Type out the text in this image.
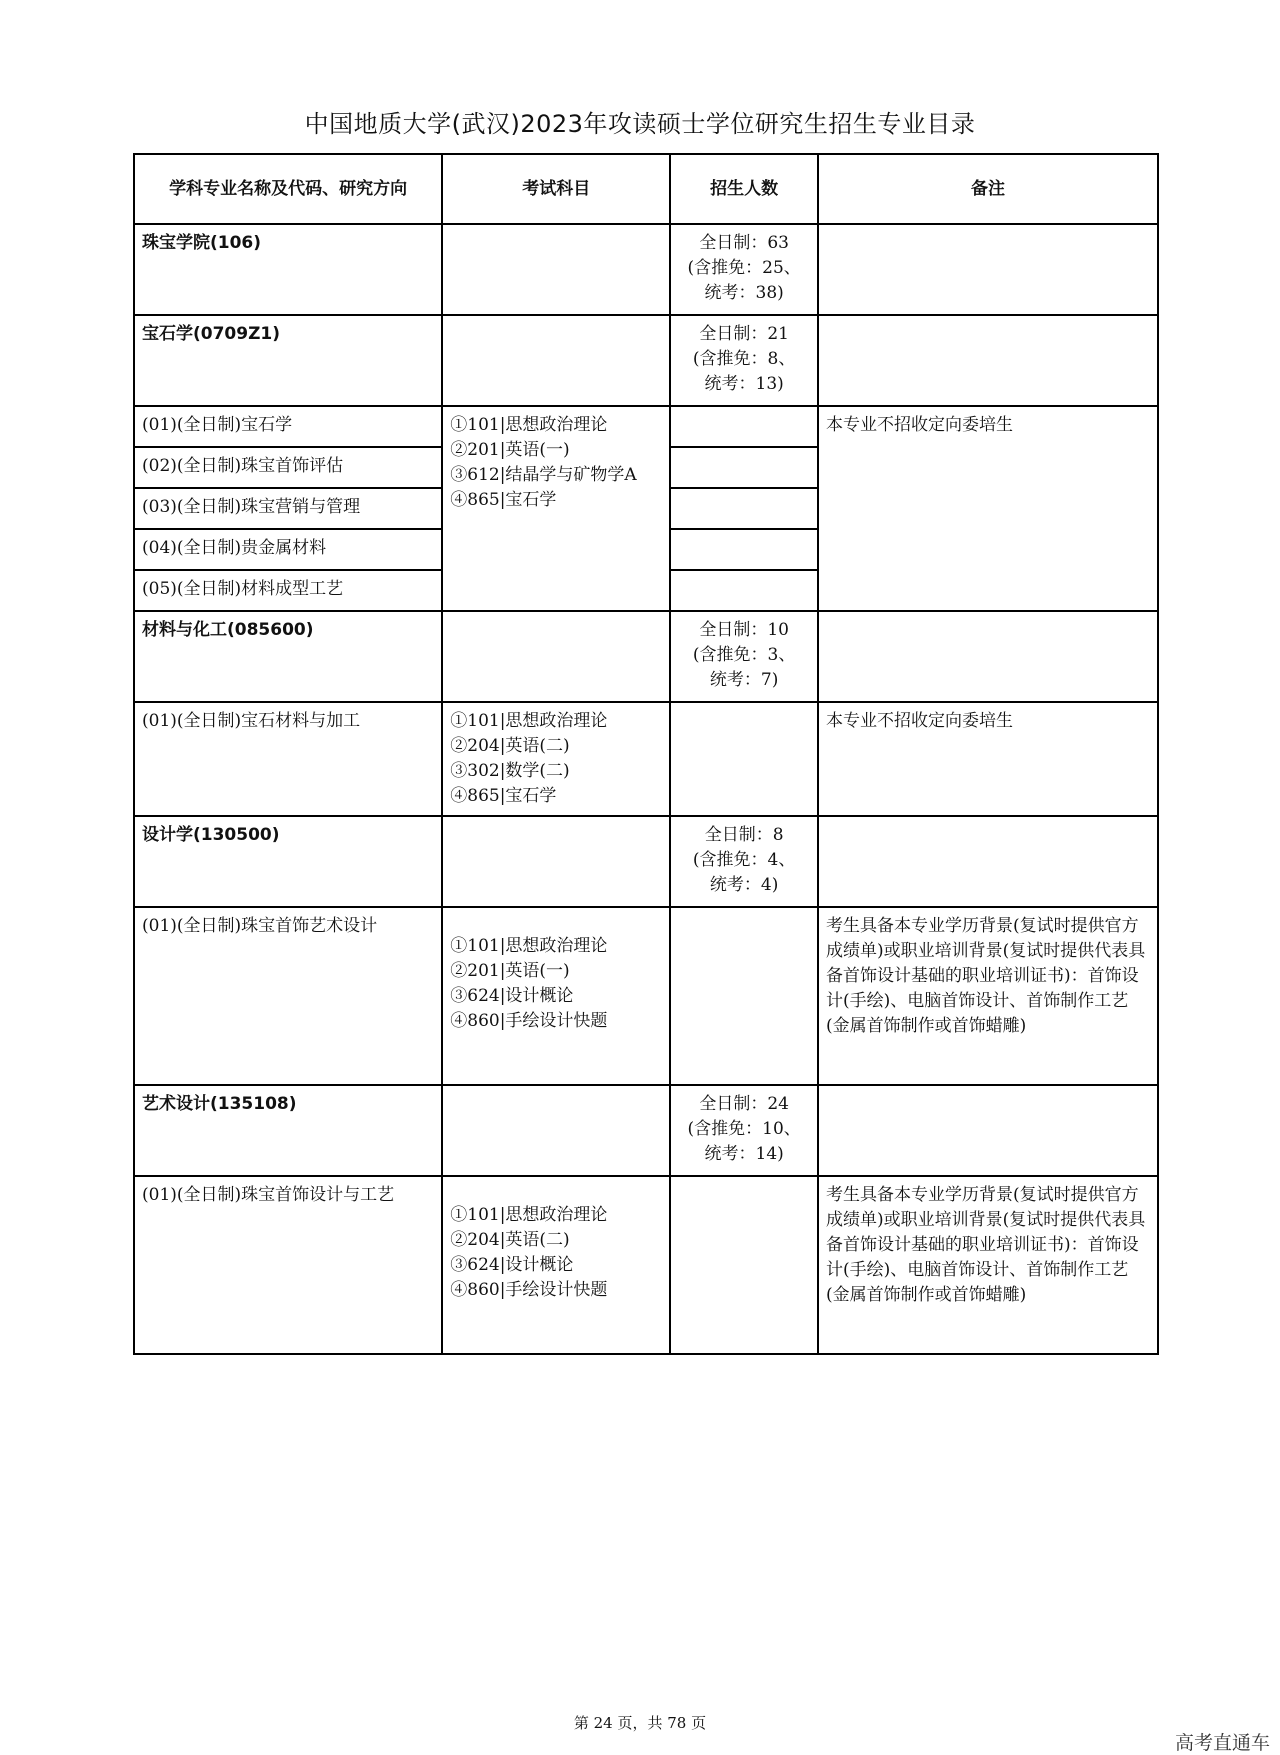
中国地质大学(武汉)2023年攻读硕士学位研究生招生专业目录
学科专业名称及代码、研究方向	考试科目	招生人数	备注
珠宝学院(106)		全日制：63
(含推免：25、
统考：38)	

宝石学(0709Z1)		全日制：21
(含推免：8、
统考：13)	

(01)(全日制)宝石学	①101|思想政治理论
②201|英语(一)
③612|结晶学与矿物学A
④865|宝石学		本专业不招收定向委培生
(02)(全日制)珠宝首饰评估			
(03)(全日制)珠宝营销与管理			
(04)(全日制)贵金属材料			
(05)(全日制)材料成型工艺			
材料与化工(085600)		全日制：10
(含推免：3、
统考：7)	

(01)(全日制)宝石材料与加工	①101|思想政治理论
②204|英语(二)
③302|数学(二)
④865|宝石学		本专业不招收定向委培生
设计学(130500)		全日制：8
(含推免：4、
统考：4)	

(01)(全日制)珠宝首饰艺术设计	①101|思想政治理论
②201|英语(一)
③624|设计概论
④860|手绘设计快题		考生具备本专业学历背景(复试时提供官方成绩单)或职业培训背景(复试时提供代表具备首饰设计基础的职业培训证书)：首饰设计(手绘)、电脑首饰设计、首饰制作工艺(金属首饰制作或首饰蜡雕)
艺术设计(135108)		全日制：24
(含推免：10、
统考：14)	

(01)(全日制)珠宝首饰设计与工艺	①101|思想政治理论
②204|英语(二)
③624|设计概论
④860|手绘设计快题		考生具备本专业学历背景(复试时提供官方成绩单)或职业培训背景(复试时提供代表具备首饰设计基础的职业培训证书)：首饰设计(手绘)、电脑首饰设计、首饰制作工艺(金属首饰制作或首饰蜡雕)
第 24 页，共 78 页
高考直通车
